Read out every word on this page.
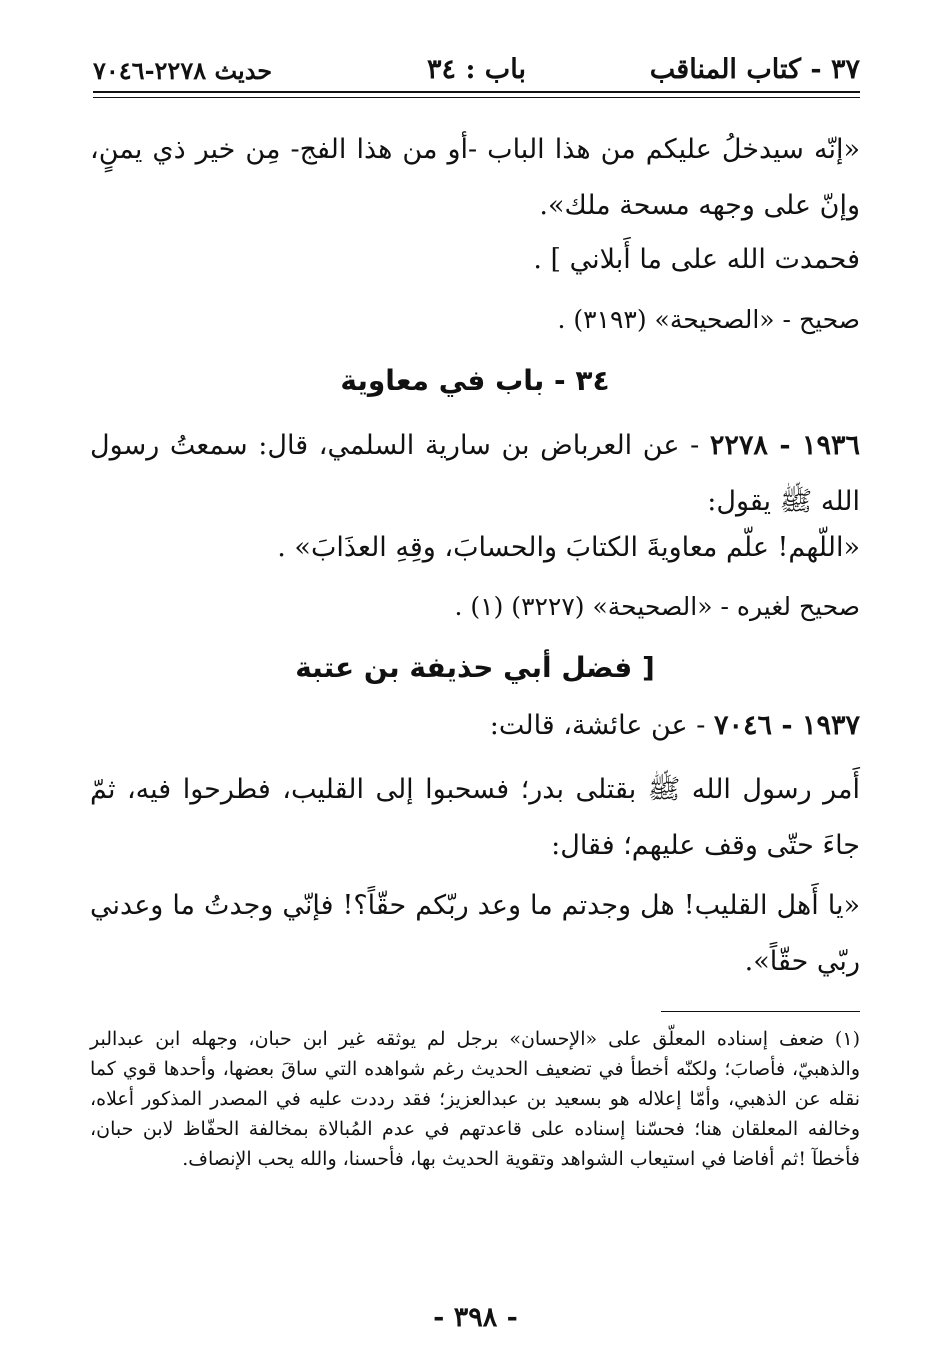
٣٧ - كتاب المناقب
باب : ٣٤
حديث ٢٢٧٨-٧٠٤٦
«إنّه سيدخلُ عليكم من هذا الباب -أو من هذا الفج- مِن خير ذي يمنٍ، وإنّ على وجهه مسحة ملك».
فحمدت الله على ما أَبلاني ] .
صحيح - «الصحيحة» (٣١٩٣) .
٣٤ - باب في معاوية
١٩٣٦ - ٢٢٧٨ - عن العرباض بن سارية السلمي، قال: سمعتُ رسول الله ﷺ يقول:
«اللّهم! علّم معاويةَ الكتابَ والحسابَ، وقِهِ العذَابَ» .
صحيح لغيره - «الصحيحة» (٣٢٢٧) (١) .
[ فضل أبي حذيفة بن عتبة
١٩٣٧ - ٧٠٤٦ - عن عائشة، قالت:
أَمر رسول الله ﷺ بقتلى بدر؛ فسحبوا إلى القليب، فطرحوا فيه، ثمّ جاءَ حتّى وقف عليهم؛ فقال:
«يا أَهل القليب! هل وجدتم ما وعد ربّكم حقّاً؟! فإنّي وجدتُ ما وعدني ربّي حقّاً».
(١) ضعف إسناده المعلّق على «الإحسان» برجل لم يوثقه غير ابن حبان، وجهله ابن عبدالبر والذهبيّ، فأصابَ؛ ولكنّه أخطأ في تضعيف الحديث رغم شواهده التي ساقَ بعضها، وأحدها قوي كما نقله عن الذهبي، وأمّا إعلاله هو بسعيد بن عبدالعزيز؛ فقد رددت عليه في المصدر المذكور أعلاه، وخالفه المعلقان هنا؛ فحسّنا إسناده على قاعدتهم في عدم المُبالاة بمخالفة الحفّاظ لابن حبان، فأخطآ !ثم أفاضا في استيعاب الشواهد وتقوية الحديث بها، فأحسنا، والله يحب الإنصاف.
- ٣٩٨ -
